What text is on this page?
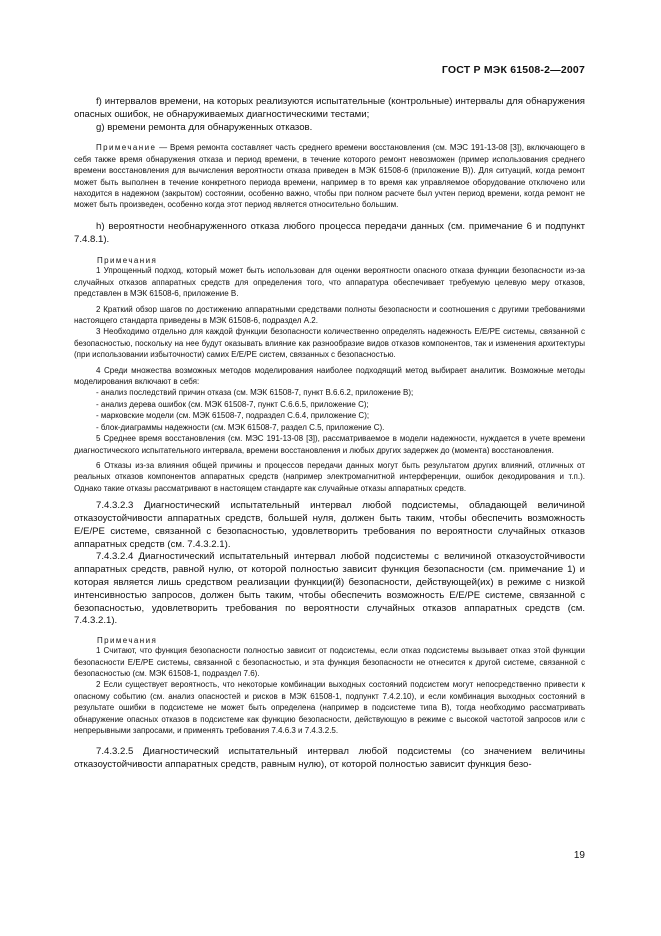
ГОСТ Р МЭК 61508-2—2007

f) интервалов времени, на которых реализуются испытательные (контрольные) интервалы для обнаружения опасных ошибок, не обнаруживаемых диагностическими тестами;

g) времени ремонта для обнаруженных отказов.

Примечание — Время ремонта составляет часть среднего времени восстановления (см. МЭС 191-13-08 [3]), включающего в себя также время обнаружения отказа и период времени, в течение которого ремонт невозможен (пример использования среднего времени восстановления для вычисления вероятности отказа приведен в МЭК 61508-6 (приложение В)). Для ситуаций, когда ремонт может быть выполнен в течение конкретного периода времени, например в то время как управляемое оборудование отключено или находится в надежном (закрытом) состоянии, особенно важно, чтобы при полном расчете был учтен период времени, когда ремонт не может быть произведен, особенно когда этот период является относительно большим.

h) вероятности необнаруженного отказа любого процесса передачи данных (см. примечание 6 и подпункт 7.4.8.1).

Примечания

1 Упрощенный подход, который может быть использован для оценки вероятности опасного отказа функции безопасности из-за случайных отказов аппаратных средств для определения того, что аппаратура обеспечивает требуемую целевую меру отказов, представлен в МЭК 61508-6, приложение В.

2 Краткий обзор шагов по достижению аппаратными средствами полноты безопасности и соотношения с другими требованиями настоящего стандарта приведены в МЭК 61508-6, подраздел А.2.

3 Необходимо отдельно для каждой функции безопасности количественно определять надежность E/E/PE системы, связанной с безопасностью, поскольку на нее будут оказывать влияние как разнообразие видов отказов компонентов, так и изменения архитектуры (при использовании избыточности) самих E/E/PE систем, связанных с безопасностью.

4 Среди множества возможных методов моделирования наиболее подходящий метод выбирает аналитик. Возможные методы моделирования включают в себя:

- анализ последствий причин отказа (см. МЭК 61508-7, пункт В.6.6.2, приложение В);

- анализ дерева ошибок (см. МЭК 61508-7, пункт С.6.6.5, приложение С);

- марковские модели (см. МЭК 61508-7, подраздел С.6.4, приложение С);

- блок-диаграммы надежности (см. МЭК 61508-7, раздел С.5, приложение С).

5 Среднее время восстановления (см. МЭС 191-13-08 [3]), рассматриваемое в модели надежности, нуждается в учете времени диагностического испытательного интервала, времени восстановления и любых других задержек до (момента) восстановления.

6 Отказы из-за влияния общей причины и процессов передачи данных могут быть результатом других влияний, отличных от реальных отказов компонентов аппаратных средств (например электромагнитной интерференции, ошибок декодирования и т.п.). Однако такие отказы рассматривают в настоящем стандарте как случайные отказы аппаратных средств.

7.4.3.2.3 Диагностический испытательный интервал любой подсистемы, обладающей величиной отказоустойчивости аппаратных средств, большей нуля, должен быть таким, чтобы обеспечить возможность E/E/PE системе, связанной с безопасностью, удовлетворить требования по вероятности случайных отказов аппаратных средств (см. 7.4.3.2.1).

7.4.3.2.4 Диагностический испытательный интервал любой подсистемы с величиной отказоустойчивости аппаратных средств, равной нулю, от которой полностью зависит функция безопасности (см. примечание 1) и которая является лишь средством реализации функции(й) безопасности, действующей(их) в режиме с низкой интенсивностью запросов, должен быть таким, чтобы обеспечить возможность E/E/PE системе, связанной с безопасностью, удовлетворить требования по вероятности случайных отказов аппаратных средств (см. 7.4.3.2.1).

Примечания

1 Считают, что функция безопасности полностью зависит от подсистемы, если отказ подсистемы вызывает отказ этой функции безопасности E/E/PE системы, связанной с безопасностью, и эта функция безопасности не отнесится к другой системе, связанной с безопасностью (см. МЭК 61508-1, подраздел 7.6).

2 Если существует вероятность, что некоторые комбинации выходных состояний подсистем могут непосредственно привести к опасному событию (см. анализ опасностей и рисков в МЭК 61508-1, подпункт 7.4.2.10), и если комбинация выходных состояний в результате ошибки в подсистеме не может быть определена (например в подсистеме типа В), тогда необходимо рассматривать обнаружение опасных отказов в подсистеме как функцию безопасности, действующую в режиме с высокой частотой запросов или с непрерывными запросами, и применять требования 7.4.6.3 и 7.4.3.2.5.

7.4.3.2.5 Диагностический испытательный интервал любой подсистемы (со значением величины отказоустойчивости аппаратных средств, равным нулю), от которой полностью зависит функция безо-

19
